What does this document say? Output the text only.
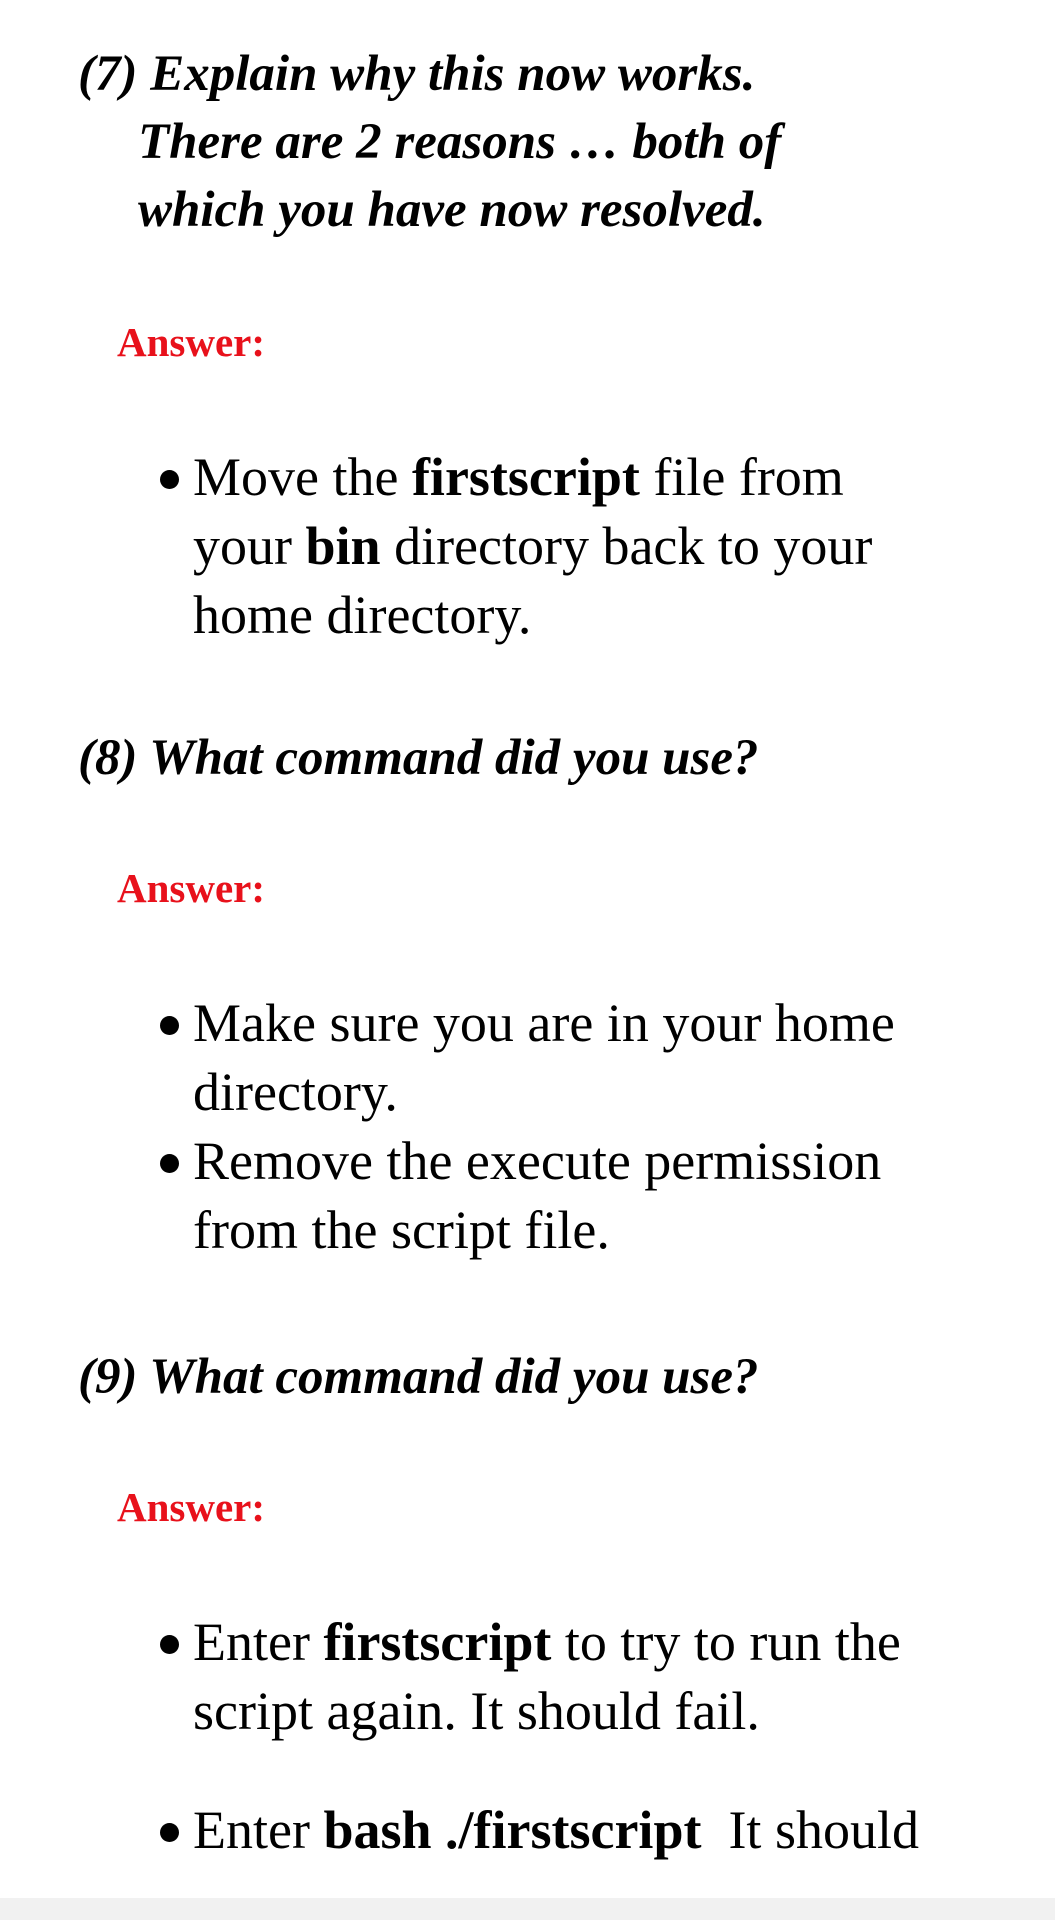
(7) Explain why this now works.
There are 2 reasons … both of
which you have now resolved.

Answer:

Move the firstscript file from
your bin directory back to your
home directory.
(8) What command did you use?

Answer:

Make sure you are in your home
directory.
Remove the execute permission
from the script file.
(9) What command did you use?

Answer:

Enter firstscript to try to run the
script again. It should fail.
Enter bash ./firstscript  It should
